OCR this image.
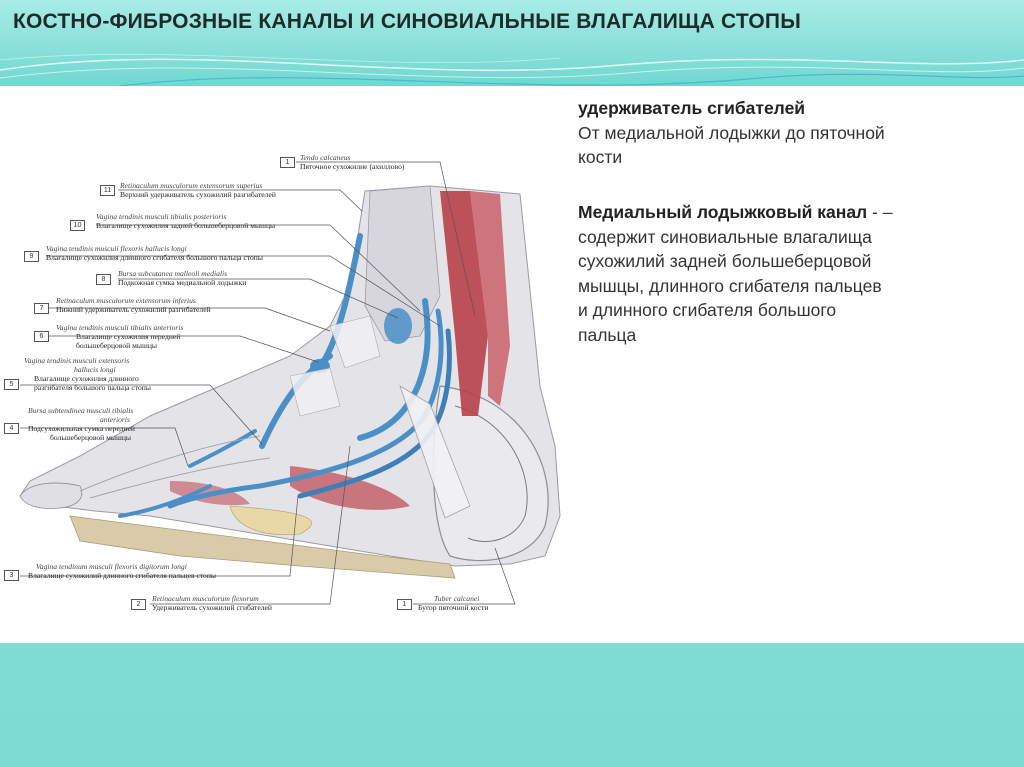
КОСТНО-ФИБРОЗНЫЕ КАНАЛЫ И СИНОВИАЛЬНЫЕ ВЛАГАЛИЩА СТОПЫ
1
Tendo calcaneus
Пяточное сухожилие (ахиллово)
11
Retinaculum musculorum extensorum superius
Верхний удерживатель сухожилий разгибателей
10
Vagina tendinis musculi tibialis posterioris
Влагалище сухожилия задней большеберцовой мышцы
9
Vagina tendinis musculi flexoris hallucis longi
Влагалище сухожилия длинного сгибателя большого пальца стопы
8
Bursa subcutanea malleoli medialis
Подкожная сумка медиальной лодыжки
7
Retinaculum musculorum extensorum inferius
Нижний удерживатель сухожилий разгибателей
6
Vagina tendinis musculi tibialis anterioris
Влагалище сухожилия передней
большеберцовой мышцы
5
Vagina tendinis musculi extensoris
hallucis longi
Влагалище сухожилия длинного
разгибателя большого пальца стопы
4
Bursa subtendinea musculi tibialis
anterioris
Подсухожильная сумка передней
большеберцовой мышцы
3
Vagina tendinum musculi flexoris digitorum longi
Влагалище сухожилий длинного сгибателя пальцев стопы
2
Retinaculum musculorum flexorum
Удерживатель сухожилий сгибателей	1
Tuber calcanei
Бугор пяточной кости

удерживатель сгибателей
От медиальной лодыжки до пяточной
кости

Медиальный лодыжковый канал - –
содержит синовиальные влагалища
сухожилий задней большеберцовой
мышцы, длинного сгибателя пальцев
и длинного сгибателя большого
пальца
